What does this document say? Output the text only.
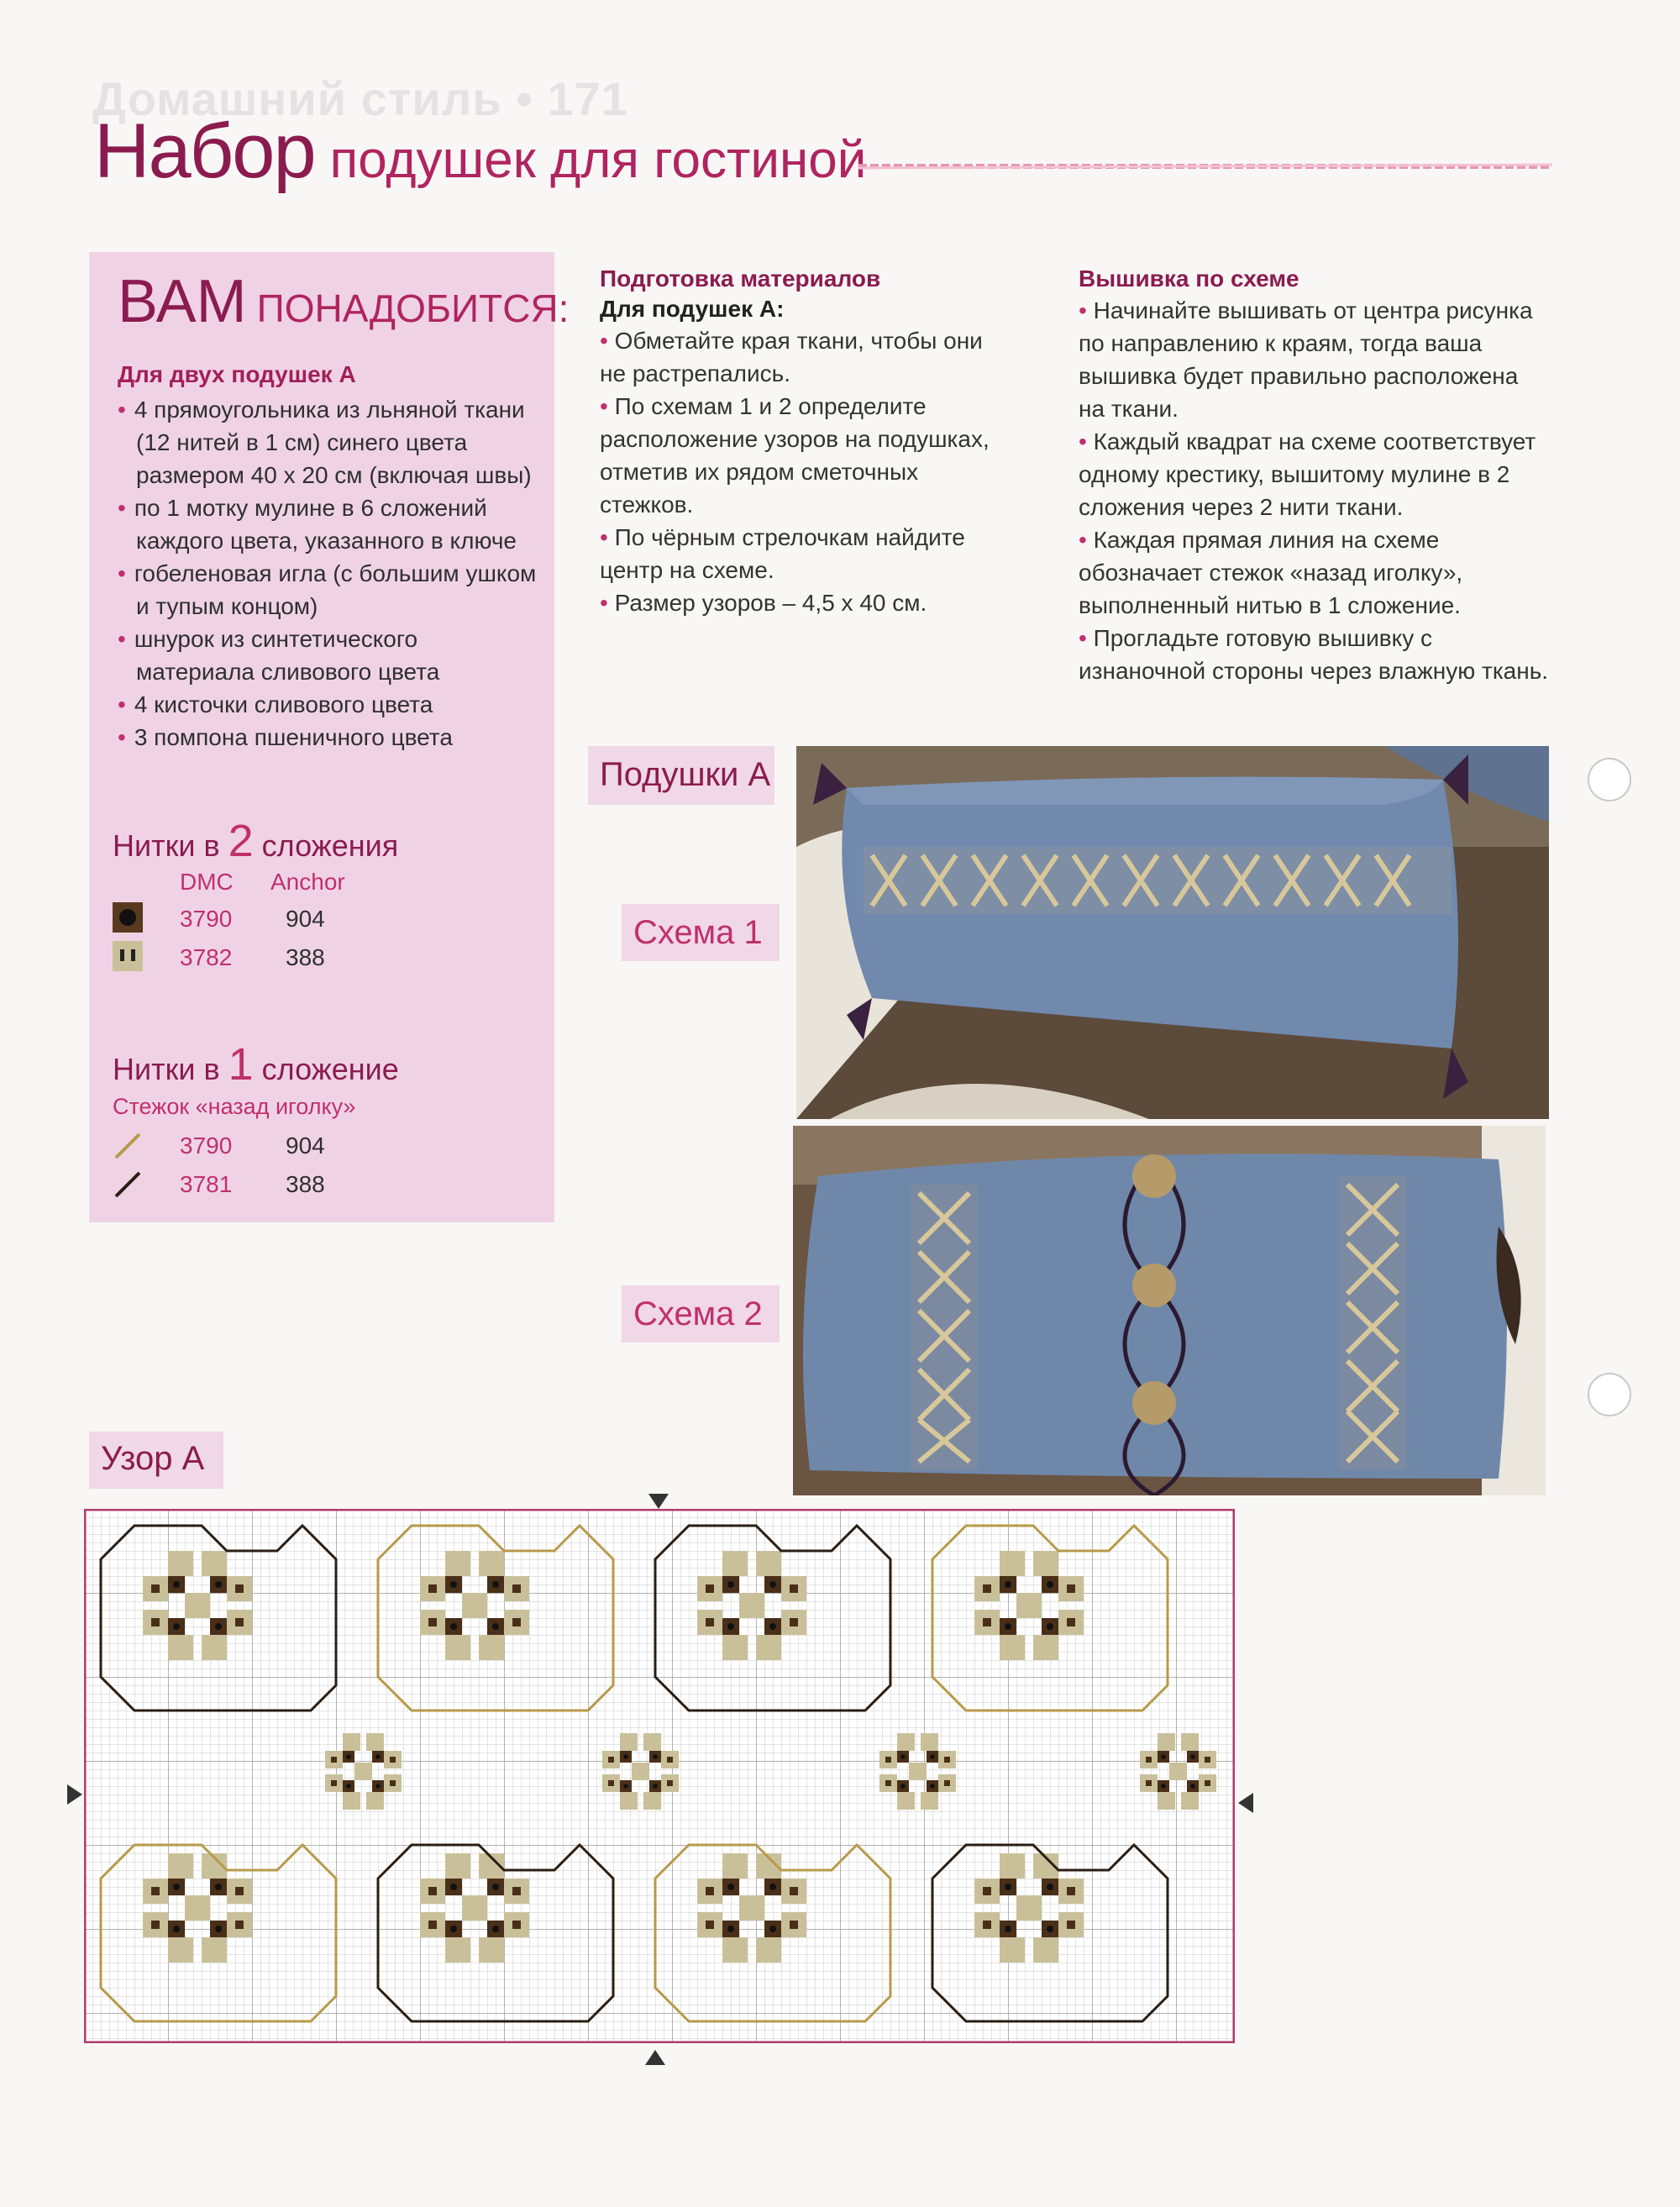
Домашний стиль • 171
Набор подушек для гостиной
ВАМ ПОНАДОБИТСЯ:
Для двух подушек А
• 4 прямоугольника из льняной ткани (12 нитей в 1 см) синего цвета размером 40 х 20 см (включая швы)
• по 1 мотку мулине в 6 сложений каждого цвета, указанного в ключе
• гобеленовая игла (с большим ушком и тупым концом)
• шнурок из синтетического материала сливового цвета
• 4 кисточки сливового цвета
• 3 помпона пшеничного цвета
Нитки в 2 сложения
DMC Anchor
3790 904
3782 388
Нитки в 1 сложение
Стежок «назад иголку»
3790 904
3781 388
Подготовка материалов
Для подушек А:

• Обметайте края ткани, чтобы они не растрепались.

• По схемам 1 и 2 определите расположение узоров на подушках, отметив их рядом сметочных стежков.

• По чёрным стрелочкам найдите центр на схеме.

• Размер узоров – 4,5 х 40 см.

Вышивка по схеме

• Начинайте вышивать от центра рисунка по направлению к краям, тогда ваша вышивка будет правильно расположена на ткани.

• Каждый квадрат на схеме соответствует одному крестику, вышитому мулине в 2 сложения через 2 нити ткани.

• Каждая прямая линия на схеме обозначает стежок «назад иголку», выполненный нитью в 1 сложение.

• Прогладьте готовую вышивку с изнаночной стороны через влажную ткань.

Подушки А
Схема 1
Схема 2
Узор А
